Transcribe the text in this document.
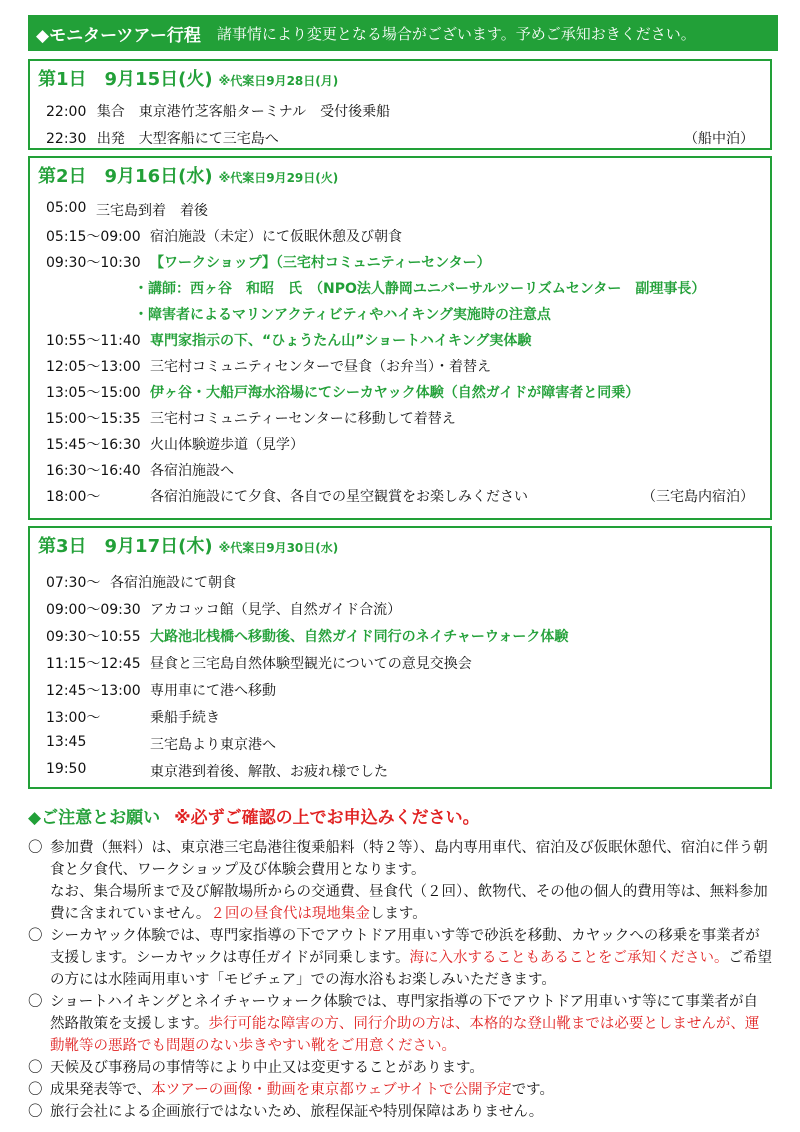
◆モニターツアー行程 諸事情により変更となる場合がございます。予めご承知おきください。
第1日　9月15日(火) ※代案日9月28日(月)
22:00 集合　東京港竹芝客船ターミナル　受付後乗船
22:30 出発　大型客船にて三宅島へ	（船中泊）
第2日　9月16日(水) ※代案日9月29日(火)
05:00 三宅島到着　着後
05:15～09:00 宿泊施設（未定）にて仮眠休憩及び朝食
09:30～10:30 【ワークショップ】（三宅村コミュニティーセンター）
・講師：西ヶ谷　和昭　氏　（NPO法人静岡ユニバーサルツーリズムセンター　副理事長）
・障害者によるマリンアクティビティやハイキング実施時の注意点
10:55～11:40 専門家指示の下、“ひょうたん山”ショートハイキング実体験
12:05～13:00 三宅村コミュニティセンターで昼食（お弁当）・着替え
13:05～15:00 伊ヶ谷・大船戸海水浴場にてシーカヤック体験（自然ガイドが障害者と同乗）
15:00～15:35 三宅村コミュニティーセンターに移動して着替え
15:45～16:30 火山体験遊歩道（見学）
16:30～16:40 各宿泊施設へ
18:00～	各宿泊施設にて夕食、各自での星空観賞をお楽しみください	（三宅島内宿泊）
第3日　9月17日(木) ※代案日9月30日(水)
07:30～ 各宿泊施設にて朝食
09:00～09:30 アカコッコ館（見学、自然ガイド合流）
09:30～10:55 大路池北桟橋へ移動後、自然ガイド同行のネイチャーウォーク体験
11:15～12:45 昼食と三宅島自然体験型観光についての意見交換会
12:45～13:00 専用車にて港へ移動
13:00～	乗船手続き
13:45	三宅島より東京港へ
19:50	東京港到着後、解散、お疲れ様でした
◆ご注意とお願い ※必ずご確認の上でお申込みください。
〇 参加費（無料）は、東京港三宅島港往復乗船料（特２等）、島内専用車代、宿泊及び仮眠休憩代、宿泊に伴う朝食と夕食代、ワークショップ及び体験会費用となります。
なお、集合場所まで及び解散場所からの交通費、昼食代（２回）、飲物代、その他の個人的費用等は、無料参加費に含まれていません。２回の昼食代は現地集金します。
〇 シーカヤック体験では、専門家指導の下でアウトドア用車いす等で砂浜を移動、カヤックへの移乗を事業者が支援します。シーカヤックは専任ガイドが同乗します。海に入水することもあることをご承知ください。ご希望の方には水陸両用車いす「モビチェア」での海水浴もお楽しみいただきます。
〇 ショートハイキングとネイチャーウォーク体験では、専門家指導の下でアウトドア用車いす等にて事業者が自然路散策を支援します。歩行可能な障害の方、同行介助の方は、本格的な登山靴までは必要としませんが、運動靴等の悪路でも問題のない歩きやすい靴をご用意ください。
〇 天候及び事務局の事情等により中止又は変更することがあります。
〇 成果発表等で、本ツアーの画像・動画を東京都ウェブサイトで公開予定です。
〇 旅行会社による企画旅行ではないため、旅程保証や特別保障はありません。
